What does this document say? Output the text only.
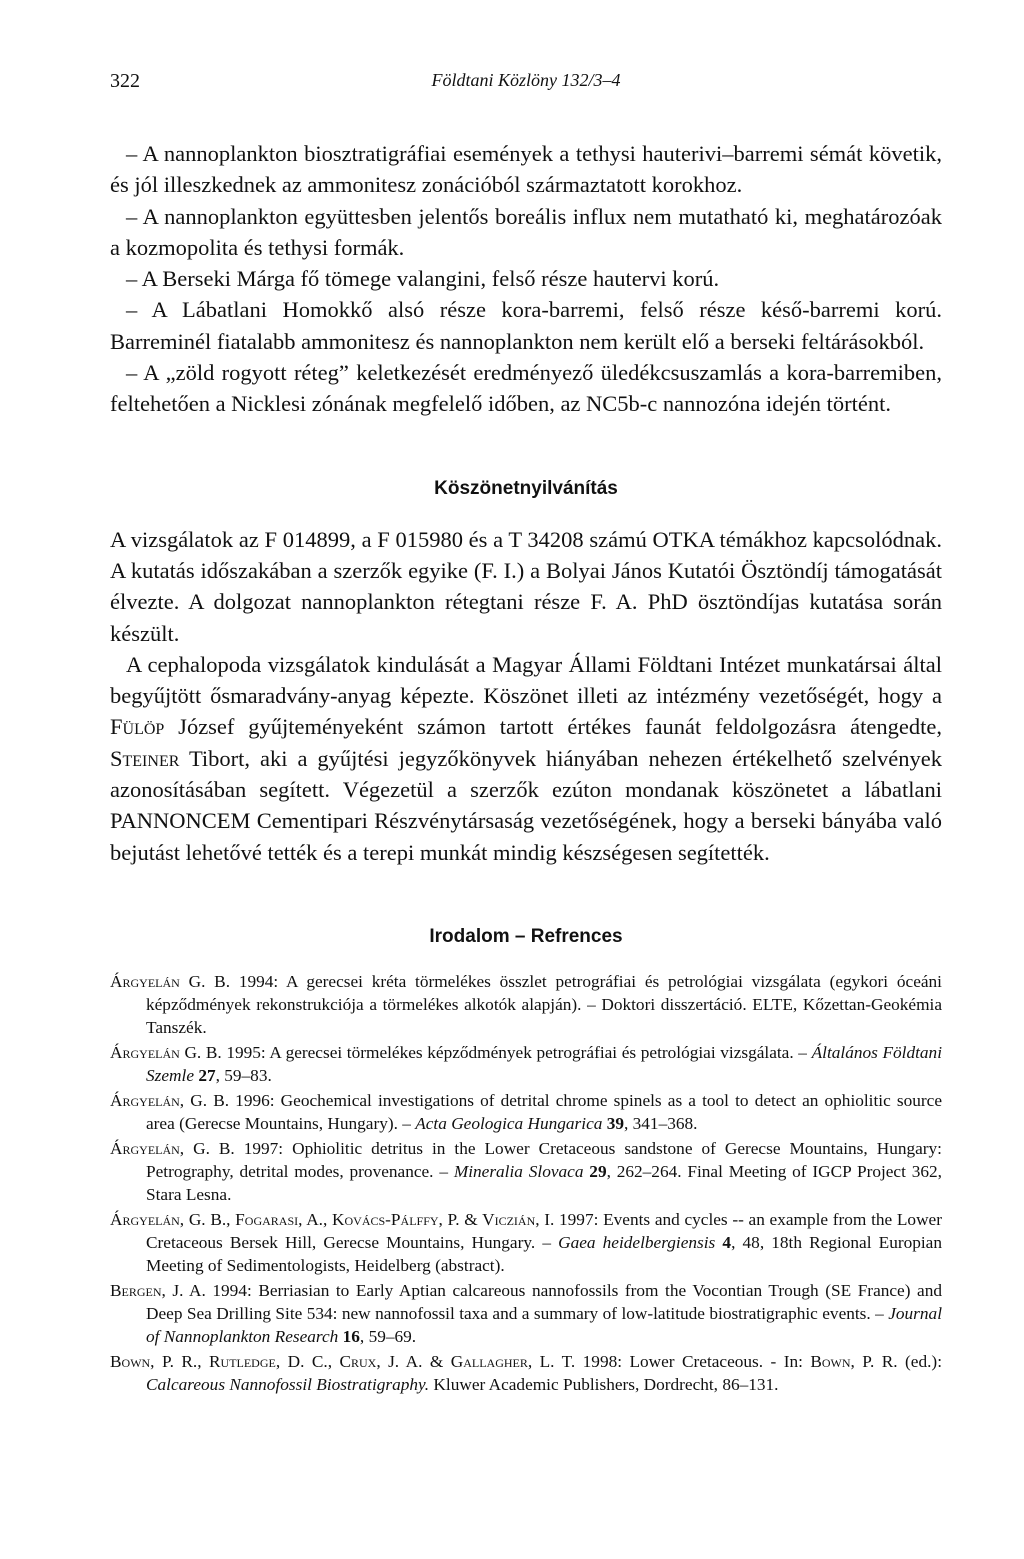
322	Földtani Közlöny 132/3–4

– A nannoplankton biosztratigráfiai események a tethysi hauterivi–barremi sémát követik, és jól illeszkednek az ammonitesz zonációból származtatott korokhoz.

– A nannoplankton együttesben jelentős boreális influx nem mutatható ki, meghatározóak a kozmopolita és tethysi formák.

– A Berseki Márga fő tömege valangini, felső része hautervi korú.

– A Lábatlani Homokkő alsó része kora-barremi, felső része késő-barremi korú. Barreminél fiatalabb ammonitesz és nannoplankton nem került elő a berseki feltárásokból.

– A „zöld rogyott réteg” keletkezését eredményező üledékcsuszamlás a kora-barremiben, feltehetően a Nicklesi zónának megfelelő időben, az NC5b-c nannozóna idején történt.

Köszönetnyilvánítás

A vizsgálatok az F 014899, a F 015980 és a T 34208 számú OTKA témákhoz kapcsolódnak. A kutatás időszakában a szerzők egyike (F. I.) a Bolyai János Kutatói Ösztöndíj támogatását élvezte. A dolgozat nannoplankton rétegtani része F. A. PhD ösztöndíjas kutatása során készült.

A cephalopoda vizsgálatok kindulását a Magyar Állami Földtani Intézet munkatársai által begyűjtött ősmaradvány-anyag képezte. Köszönet illeti az intézmény vezetőségét, hogy a Fülöp József gyűjteményeként számon tartott értékes faunát feldolgozásra átengedte, Steiner Tibort, aki a gyűjtési jegyzőkönyvek hiányában nehezen értékelhető szelvények azonosításában segített. Végezetül a szerzők ezúton mondanak köszönetet a lábatlani PANNONCEM Cementipari Részvénytársaság vezetőségének, hogy a berseki bányába való bejutást lehetővé tették és a terepi munkát mindig készségesen segítették.

Irodalom – Refrences

Árgyelán G. B. 1994: A gerecsei kréta törmelékes összlet petrográfiai és petrológiai vizsgálata (egykori óceáni képződmények rekonstrukciója a törmelékes alkotók alapján). – Doktori disszertáció. ELTE, Kőzettan-Geokémia Tanszék.

Árgyelán G. B. 1995: A gerecsei törmelékes képződmények petrográfiai és petrológiai vizsgálata. – Általános Földtani Szemle 27, 59–83.

Árgyelán, G. B. 1996: Geochemical investigations of detrital chrome spinels as a tool to detect an ophiolitic source area (Gerecse Mountains, Hungary). – Acta Geologica Hungarica 39, 341–368.

Árgyelán, G. B. 1997: Ophiolitic detritus in the Lower Cretaceous sandstone of Gerecse Mountains, Hungary: Petrography, detrital modes, provenance. – Mineralia Slovaca 29, 262–264. Final Meeting of IGCP Project 362, Stara Lesna.

Árgyelán, G. B., Fogarasi, A., Kovács-Pálffy, P. & Viczián, I. 1997: Events and cycles -- an example from the Lower Cretaceous Bersek Hill, Gerecse Mountains, Hungary. – Gaea heidelbergiensis 4, 48, 18th Regional Europian Meeting of Sedimentologists, Heidelberg (abstract).

Bergen, J. A. 1994: Berriasian to Early Aptian calcareous nannofossils from the Vocontian Trough (SE France) and Deep Sea Drilling Site 534: new nannofossil taxa and a summary of low-latitude biostratigraphic events. – Journal of Nannoplankton Research 16, 59–69.

Bown, P. R., Rutledge, D. C., Crux, J. A. & Gallagher, L. T. 1998: Lower Cretaceous. - In: Bown, P. R. (ed.): Calcareous Nannofossil Biostratigraphy. Kluwer Academic Publishers, Dordrecht, 86–131.
